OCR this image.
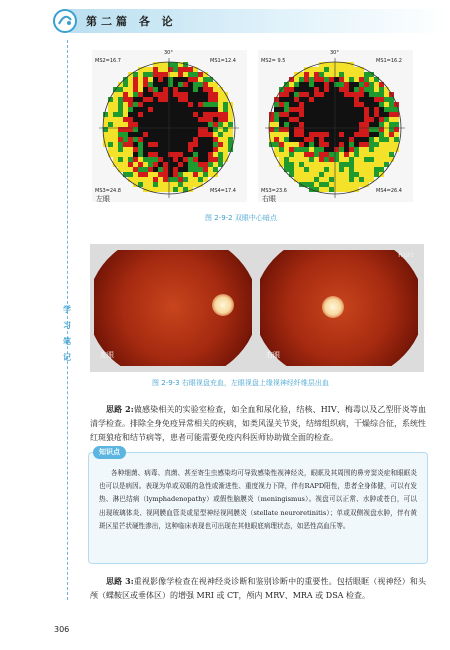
第二篇 各 论
学
习
笔
记
30°
MS2=16.7	MS1=12.4
MS3=24.8	MS4=17.4
左眼
30°
MS2= 9.5	MS1=16.2
MS3=23.6	MS4=26.4
右眼
图 2-9-2 双眼中心暗点
左眼
Right
右眼
图 2-9-3 右眼视盘充血，左眼视盘上缘视神经纤维层出血
思路 2:做感染相关的实验室检查，如全血和尿化验，结核、HIV、梅毒以及乙型肝炎等血清学检查。排除全身免疫异常相关的疾病，如类风湿关节炎，结缔组织病，干燥综合征，系统性红斑狼疮和结节病等，患者可能需要免疫内科医师协助做全面的检查。
知识点
各种细菌、病毒、真菌、甚至寄生虫感染均可导致感染性视神经炎，眼眶及其周围的鼻旁窦炎症和眼眶炎也可以是病因。表现为单或双眼的急性或渐进性、重度视力下降，伴有RAPD阳性，患者全身体健，可以有发热、淋巴结病（lymphadenopathy）或假性脑膜炎（meningismus）。视盘可以正常、水肿或苍白，可以出现玻璃体炎、视网膜血管炎或星型神经视网膜炎（stellate neuroretinitis）；单或双侧视盘水肿，伴有黄斑区星芒状硬性渗出，这种临床表现也可出现在其他眼底病理状态，如恶性高血压等。
思路 3:重视影像学检查在视神经炎诊断和鉴别诊断中的重要性。包括眼眶（视神经）和头颅（蝶鞍区或垂体区）的增强 MRI 或 CT，颅内 MRV、MRA 或 DSA 检查。
306
